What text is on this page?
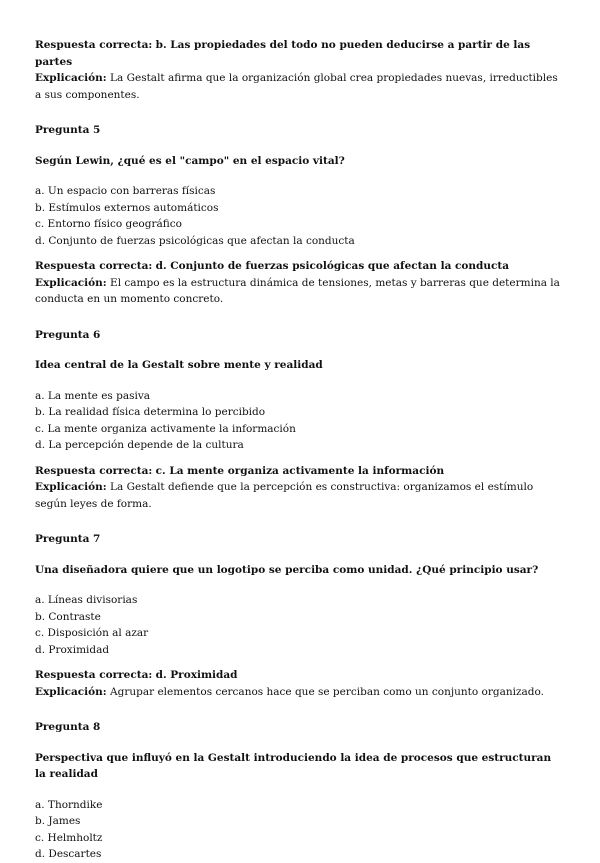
Respuesta correcta: b. Las propiedades del todo no pueden deducirse a partir de las partes
Explicación: La Gestalt afirma que la organización global crea propiedades nuevas, irreductibles a sus componentes.
Pregunta 5
Según Lewin, ¿qué es el "campo" en el espacio vital?
a. Un espacio con barreras físicas
b. Estímulos externos automáticos
c. Entorno físico geográfico
d. Conjunto de fuerzas psicológicas que afectan la conducta
Respuesta correcta: d. Conjunto de fuerzas psicológicas que afectan la conducta
Explicación: El campo es la estructura dinámica de tensiones, metas y barreras que determina la conducta en un momento concreto.
Pregunta 6
Idea central de la Gestalt sobre mente y realidad
a. La mente es pasiva
b. La realidad física determina lo percibido
c. La mente organiza activamente la información
d. La percepción depende de la cultura
Respuesta correcta: c. La mente organiza activamente la información
Explicación: La Gestalt defiende que la percepción es constructiva: organizamos el estímulo según leyes de forma.
Pregunta 7
Una diseñadora quiere que un logotipo se perciba como unidad. ¿Qué principio usar?
a. Líneas divisorias
b. Contraste
c. Disposición al azar
d. Proximidad
Respuesta correcta: d. Proximidad
Explicación: Agrupar elementos cercanos hace que se perciban como un conjunto organizado.
Pregunta 8
Perspectiva que influyó en la Gestalt introduciendo la idea de procesos que estructuran la realidad
a. Thorndike
b. James
c. Helmholtz
d. Descartes
